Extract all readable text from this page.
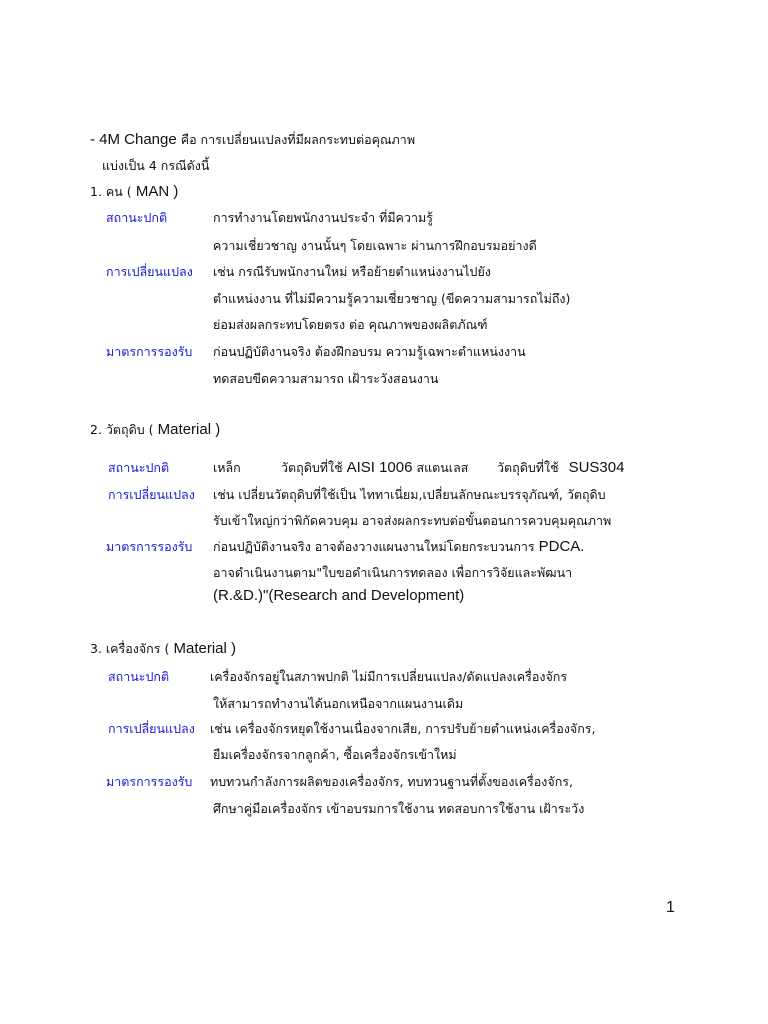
- 4M Change คือ การเปลี่ยนแปลงที่มีผลกระทบต่อคุณภาพ
แบ่งเป็น 4 กรณีดังนี้
1. คน ( MAN )
สถานะปกติ	การทำงานโดยพนักงานประจำ ที่มีความรู้
ความเชี่ยวชาญ งานนั้นๆ โดยเฉพาะ ผ่านการฝึกอบรมอย่างดี
การเปลี่ยนแปลง เช่น กรณีรับพนักงานใหม่ หรือย้ายตำแหน่งงานไปยัง
ตำแหน่งงาน ที่ไม่มีความรู้ความเชี่ยวชาญ (ขีดความสามารถไม่ถึง)
ย่อมส่งผลกระทบโดยตรง ต่อ คุณภาพของผลิตภัณฑ์
มาตรการรองรับ ก่อนปฏิบัติงานจริง ต้องฝึกอบรม ความรู้เฉพาะตำแหน่งงาน
ทดสอบขีดความสามารถ เฝ้าระวังสอนงาน
2. วัตถุดิบ ( Material )
สถานะปกติ	เหล็ก	วัตถุดิบที่ใช้ AISI 1006 สแตนเลส วัตถุดิบที่ใช้ SUS304
การเปลี่ยนแปลง เช่น เปลี่ยนวัตถุดิบที่ใช้เป็น ไททาเนี่ยม,เปลี่ยนลักษณะบรรจุภัณฑ์, วัตถุดิบ
รับเข้าใหญ่กว่าพิกัดควบคุม อาจส่งผลกระทบต่อขั้นตอนการควบคุมคุณภาพ
มาตรการรองรับ ก่อนปฏิบัติงานจริง อาจต้องวางแผนงานใหม่โดยกระบวนการ PDCA.
อาจดำเนินงานตาม"ใบขอดำเนินการทดลอง เพื่อการวิจัยและพัฒนา
(R.&D.)"(Research and Development)
3. เครื่องจักร ( Material )
สถานะปกติ	เครื่องจักรอยู่ในสภาพปกติ ไม่มีการเปลี่ยนแปลง/ดัดแปลงเครื่องจักร
ให้สามารถทำงานได้นอกเหนือจากแผนงานเดิม
การเปลี่ยนแปลง เช่น เครื่องจักรหยุดใช้งานเนื่องจากเสีย, การปรับย้ายตำแหน่งเครื่องจักร,
ยืมเครื่องจักรจากลูกค้า, ซื้อเครื่องจักรเข้าใหม่
มาตรการรองรับ ทบทวนกำลังการผลิตของเครื่องจักร, ทบทวนฐานที่ตั้งของเครื่องจักร,
ศึกษาคู่มือเครื่องจักร เข้าอบรมการใช้งาน ทดสอบการใช้งาน เฝ้าระวัง
1
